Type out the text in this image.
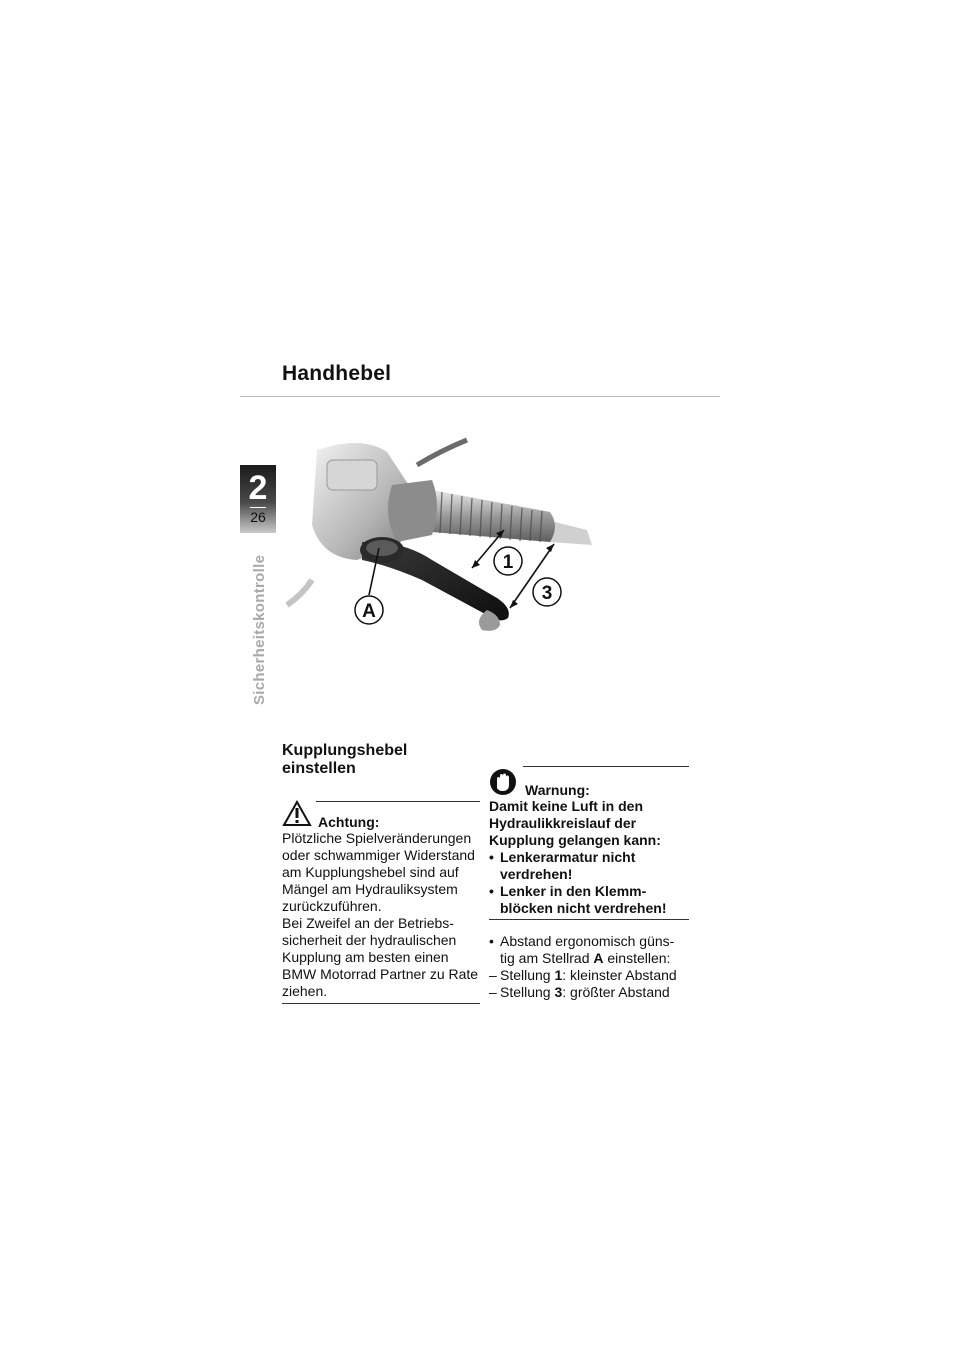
Handhebel
2
26
Sicherheitskontrolle	A
1
3
Kupplungshebel einstellen
Achtung:
Plötzliche Spielveränderungen
oder schwammiger Widerstand
am Kupplungshebel sind auf
Mängel am Hydrauliksystem
zurückzuführen.
Bei Zweifel an der Betriebs-
sicherheit der hydraulischen
Kupplung am besten einen
BMW Motorrad Partner zu Rate
ziehen.
Warnung:
Damit keine Luft in den
Hydraulikkreislauf der
Kupplung gelangen kann:
• Lenkerarmatur nicht
verdrehen!
• Lenker in den Klemm-
blöcken nicht verdrehen!
• Abstand ergonomisch güns-
tig am Stellrad A einstellen:
– Stellung 1: kleinster Abstand
– Stellung 3: größter Abstand
